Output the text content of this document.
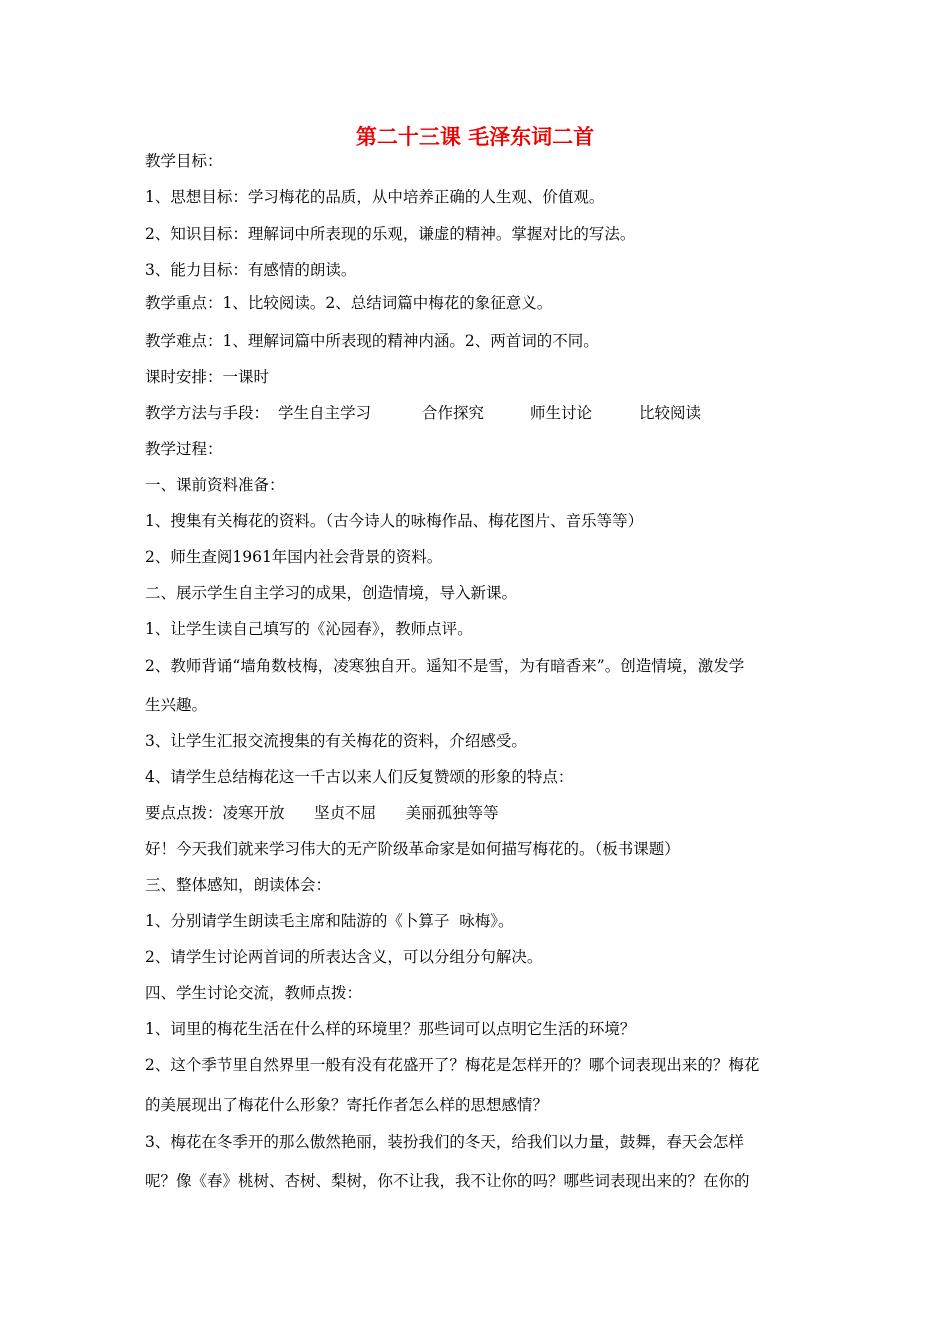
第二十三课 毛泽东词二首
教学目标：
1、思想目标：学习梅花的品质，从中培养正确的人生观、价值观。
2、知识目标：理解词中所表现的乐观，谦虚的精神。掌握对比的写法。
3、能力目标：有感情的朗读。
教学重点：1、比较阅读。2、总结词篇中梅花的象征意义。
教学难点：1、理解词篇中所表现的精神内涵。2、两首词的不同。
课时安排：一课时
教学方法与手段： 学生自主学习	合作探究	师生讨论	比较阅读
教学过程：
一、课前资料准备：
1、搜集有关梅花的资料。（古今诗人的咏梅作品、梅花图片、音乐等等）
2、师生查阅1961年国内社会背景的资料。
二、展示学生自主学习的成果，创造情境，导入新课。
1、让学生读自己填写的《沁园春》，教师点评。
2、教师背诵“墙角数枝梅，凌寒独自开。遥知不是雪，为有暗香来”。创造情境，激发学
生兴趣。
3、让学生汇报交流搜集的有关梅花的资料，介绍感受。
4、请学生总结梅花这一千古以来人们反复赞颂的形象的特点：
要点点拨：凌寒开放      坚贞不屈      美丽孤独等等
好！今天我们就来学习伟大的无产阶级革命家是如何描写梅花的。（板书课题）
三、整体感知，朗读体会：
1、分别请学生朗读毛主席和陆游的《卜算子  咏梅》。
2、请学生讨论两首词的所表达含义，可以分组分句解决。
四、学生讨论交流，教师点拨：
1、词里的梅花生活在什么样的环境里？那些词可以点明它生活的环境？
2、这个季节里自然界里一般有没有花盛开了？梅花是怎样开的？哪个词表现出来的？梅花
的美展现出了梅花什么形象？寄托作者怎么样的思想感情？
3、梅花在冬季开的那么傲然艳丽，装扮我们的冬天，给我们以力量，鼓舞，春天会怎样
呢？像《春》桃树、杏树、梨树，你不让我，我不让你的吗？哪些词表现出来的？在你的
